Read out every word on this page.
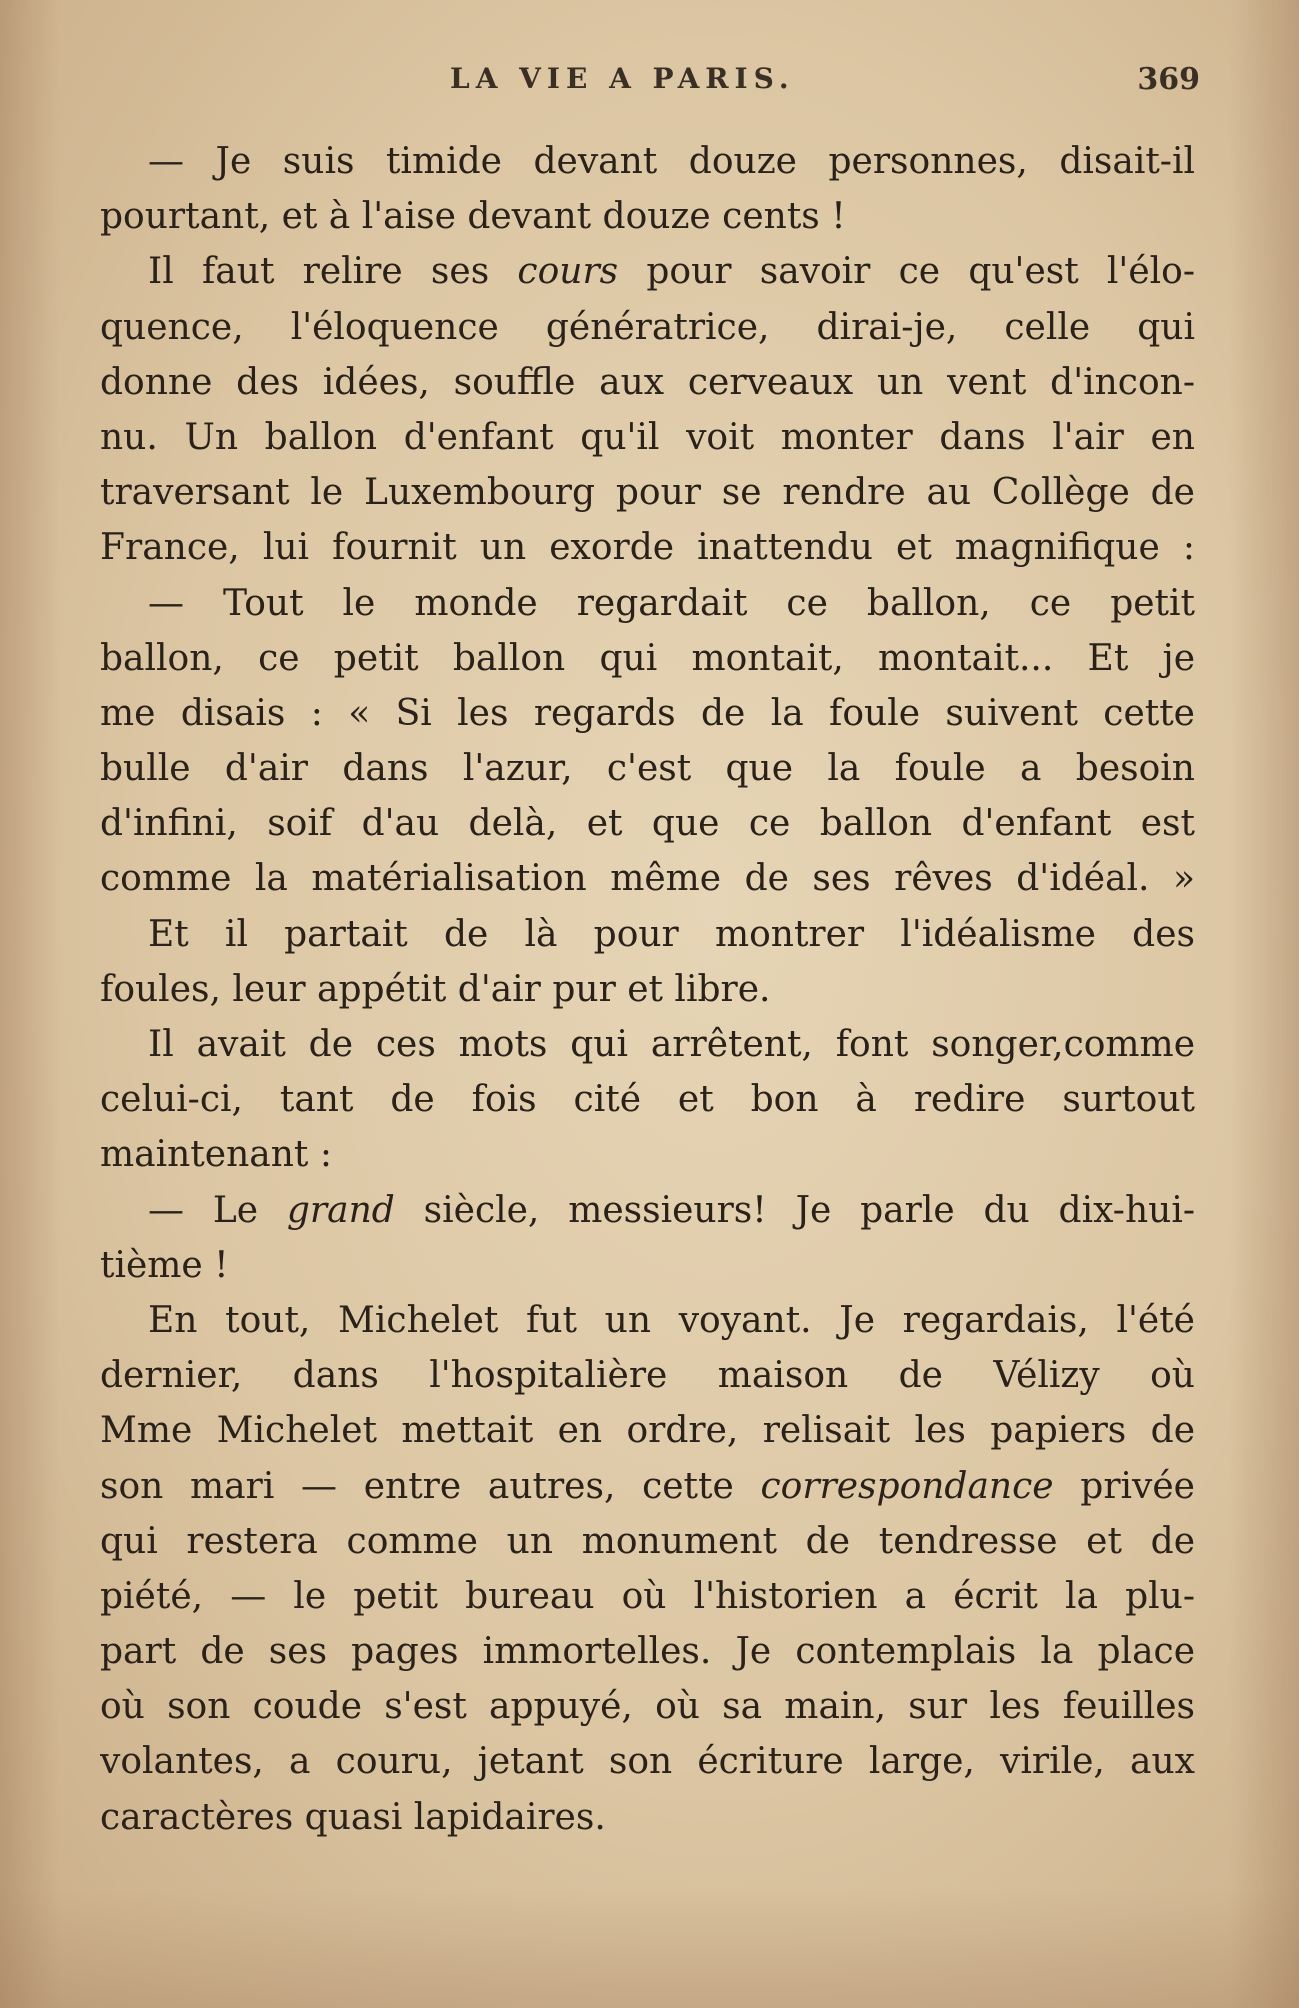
LA VIE A PARIS.	369
— Je suis timide devant douze personnes, disait-il
pourtant, et à l'aise devant douze cents !
Il faut relire ses cours pour savoir ce qu'est l'élo-
quence, l'éloquence génératrice, dirai-je, celle qui
donne des idées, souffle aux cerveaux un vent d'incon-
nu. Un ballon d'enfant qu'il voit monter dans l'air en
traversant le Luxembourg pour se rendre au Collège de
France, lui fournit un exorde inattendu et magnifique :
— Tout le monde regardait ce ballon, ce petit
ballon, ce petit ballon qui montait, montait... Et je
me disais : « Si les regards de la foule suivent cette
bulle d'air dans l'azur, c'est que la foule a besoin
d'infini, soif d'au delà, et que ce ballon d'enfant est
comme la matérialisation même de ses rêves d'idéal. »
Et il partait de là pour montrer l'idéalisme des
foules, leur appétit d'air pur et libre.
Il avait de ces mots qui arrêtent, font songer,comme
celui-ci, tant de fois cité et bon à redire surtout
maintenant :
— Le grand siècle, messieurs! Je parle du dix-hui-
tième !
En tout, Michelet fut un voyant. Je regardais, l'été
dernier, dans l'hospitalière maison de Vélizy où
Mme Michelet mettait en ordre, relisait les papiers de
son mari — entre autres, cette correspondance privée
qui restera comme un monument de tendresse et de
piété, — le petit bureau où l'historien a écrit la plu-
part de ses pages immortelles. Je contemplais la place
où son coude s'est appuyé, où sa main, sur les feuilles
volantes, a couru, jetant son écriture large, virile, aux
caractères quasi lapidaires.
